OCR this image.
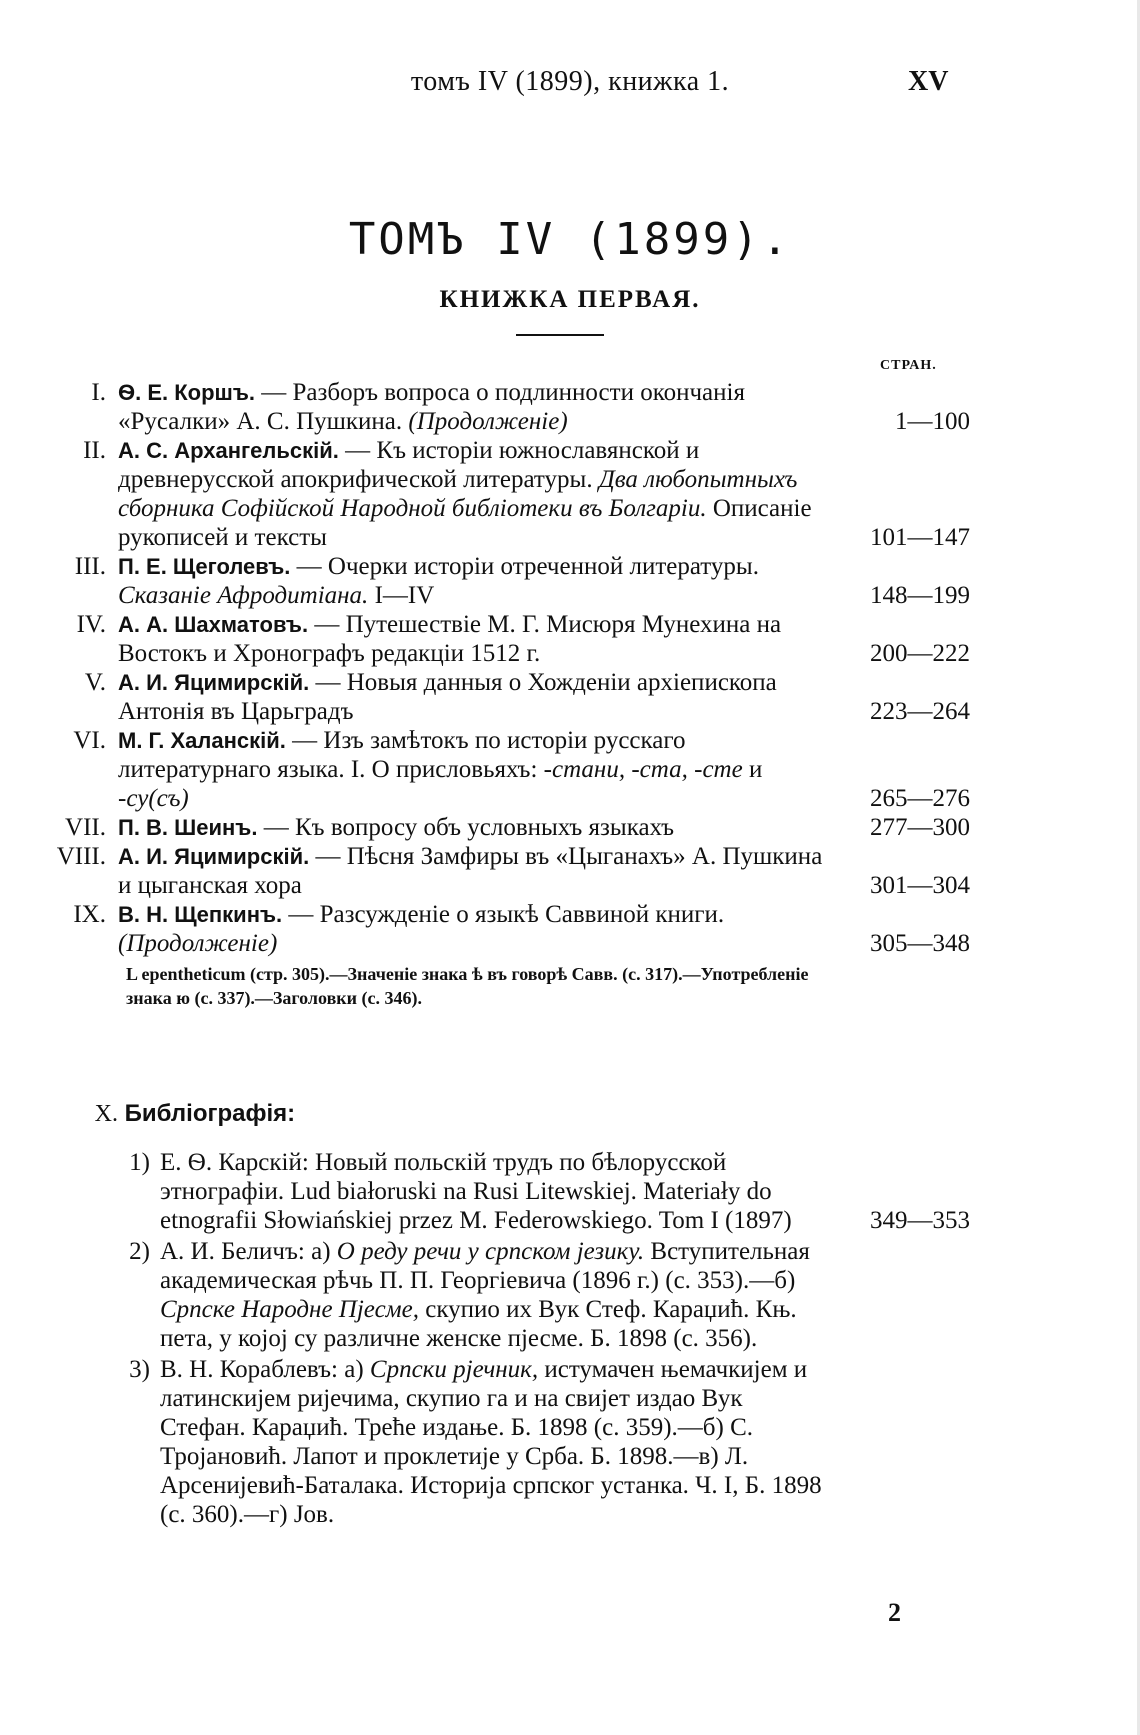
томъ IV (1899), книжка 1.	XV
ТОМЪ IV (1899).
КНИЖКА ПЕРВАЯ.
СТРАН.
I. Ѳ. Е. Коршъ. — Разборъ вопроса о подлинности окончанія «Русалки» А. С. Пушкина. (Продолженіе)	1—100
II. А. С. Архангельскій. — Къ исторіи южнославянской и древнерусской апокрифической литературы. Два любопытныхъ сборника Софійской Народной библіотеки въ Болгаріи. Описаніе рукописей и тексты	101—147
III. П. Е. Щеголевъ. — Очерки исторіи отреченной литературы. Сказаніе Афродитіана. I—IV	148—199
IV. А. А. Шахматовъ. — Путешествіе М. Г. Мисюря Мунехина на Востокъ и Хронографъ редакціи 1512 г.	200—222
V. А. И. Яцимирскій. — Новыя данныя о Хожденіи архіепископа Антонія въ Царьградъ	223—264
VI. М. Г. Халанскій. — Изъ замѣтокъ по исторіи русскаго литературнаго языка. I. О присловьяхъ: -стани, -ста, -сте и -су(съ)	265—276
VII. П. В. Шеинъ. — Къ вопросу объ условныхъ языкахъ	277—300
VIII. А. И. Яцимирскій. — Пѣсня Замфиры въ «Цыганахъ» А. Пушкина и цыганская хора	301—304
IX. В. Н. Щепкинъ. — Разсужденіе о языкѣ Саввиной книги. (Продолженіе)	305—348
L epentheticum (стр. 305).—Значеніе знака ѣ въ говорѣ Савв. (с. 317).—Употребленіе знака ю (с. 337).—Заголовки (с. 346).
X. Библіографія:
1) Е. Ѳ. Карскій: Новый польскій трудъ по бѣлорусской этнографіи. Lud białoruski na Rusi Litewskiej. Materiały do etnografii Słowiańskiej przez M. Federowskiego. Tom I (1897)	349—353
2) А. И. Беличъ: а) О реду речи у српском језику. Вступительная академическая рѣчь П. П. Георгіевича (1896 г.) (с. 353).—б) Српске Народне Пјесме, скупио их Вук Стеф. Караџић. Књ. пета, у којој су различне женске пјесме. Б. 1898 (с. 356).
3) В. Н. Кораблевъ: а) Српски рјечник, истумачен њемачкијем и латинскијем ријечима, скупио га и на свијет издао Вук Стефан. Караџић. Треће издање. Б. 1898 (с. 359).—б) С. Тројановић. Лапот и проклетије у Срба. Б. 1898.—в) Л. Арсенијевић-Баталака. Историја српског устанка. Ч. I, Б. 1898 (с. 360).—г) Јов.
2
